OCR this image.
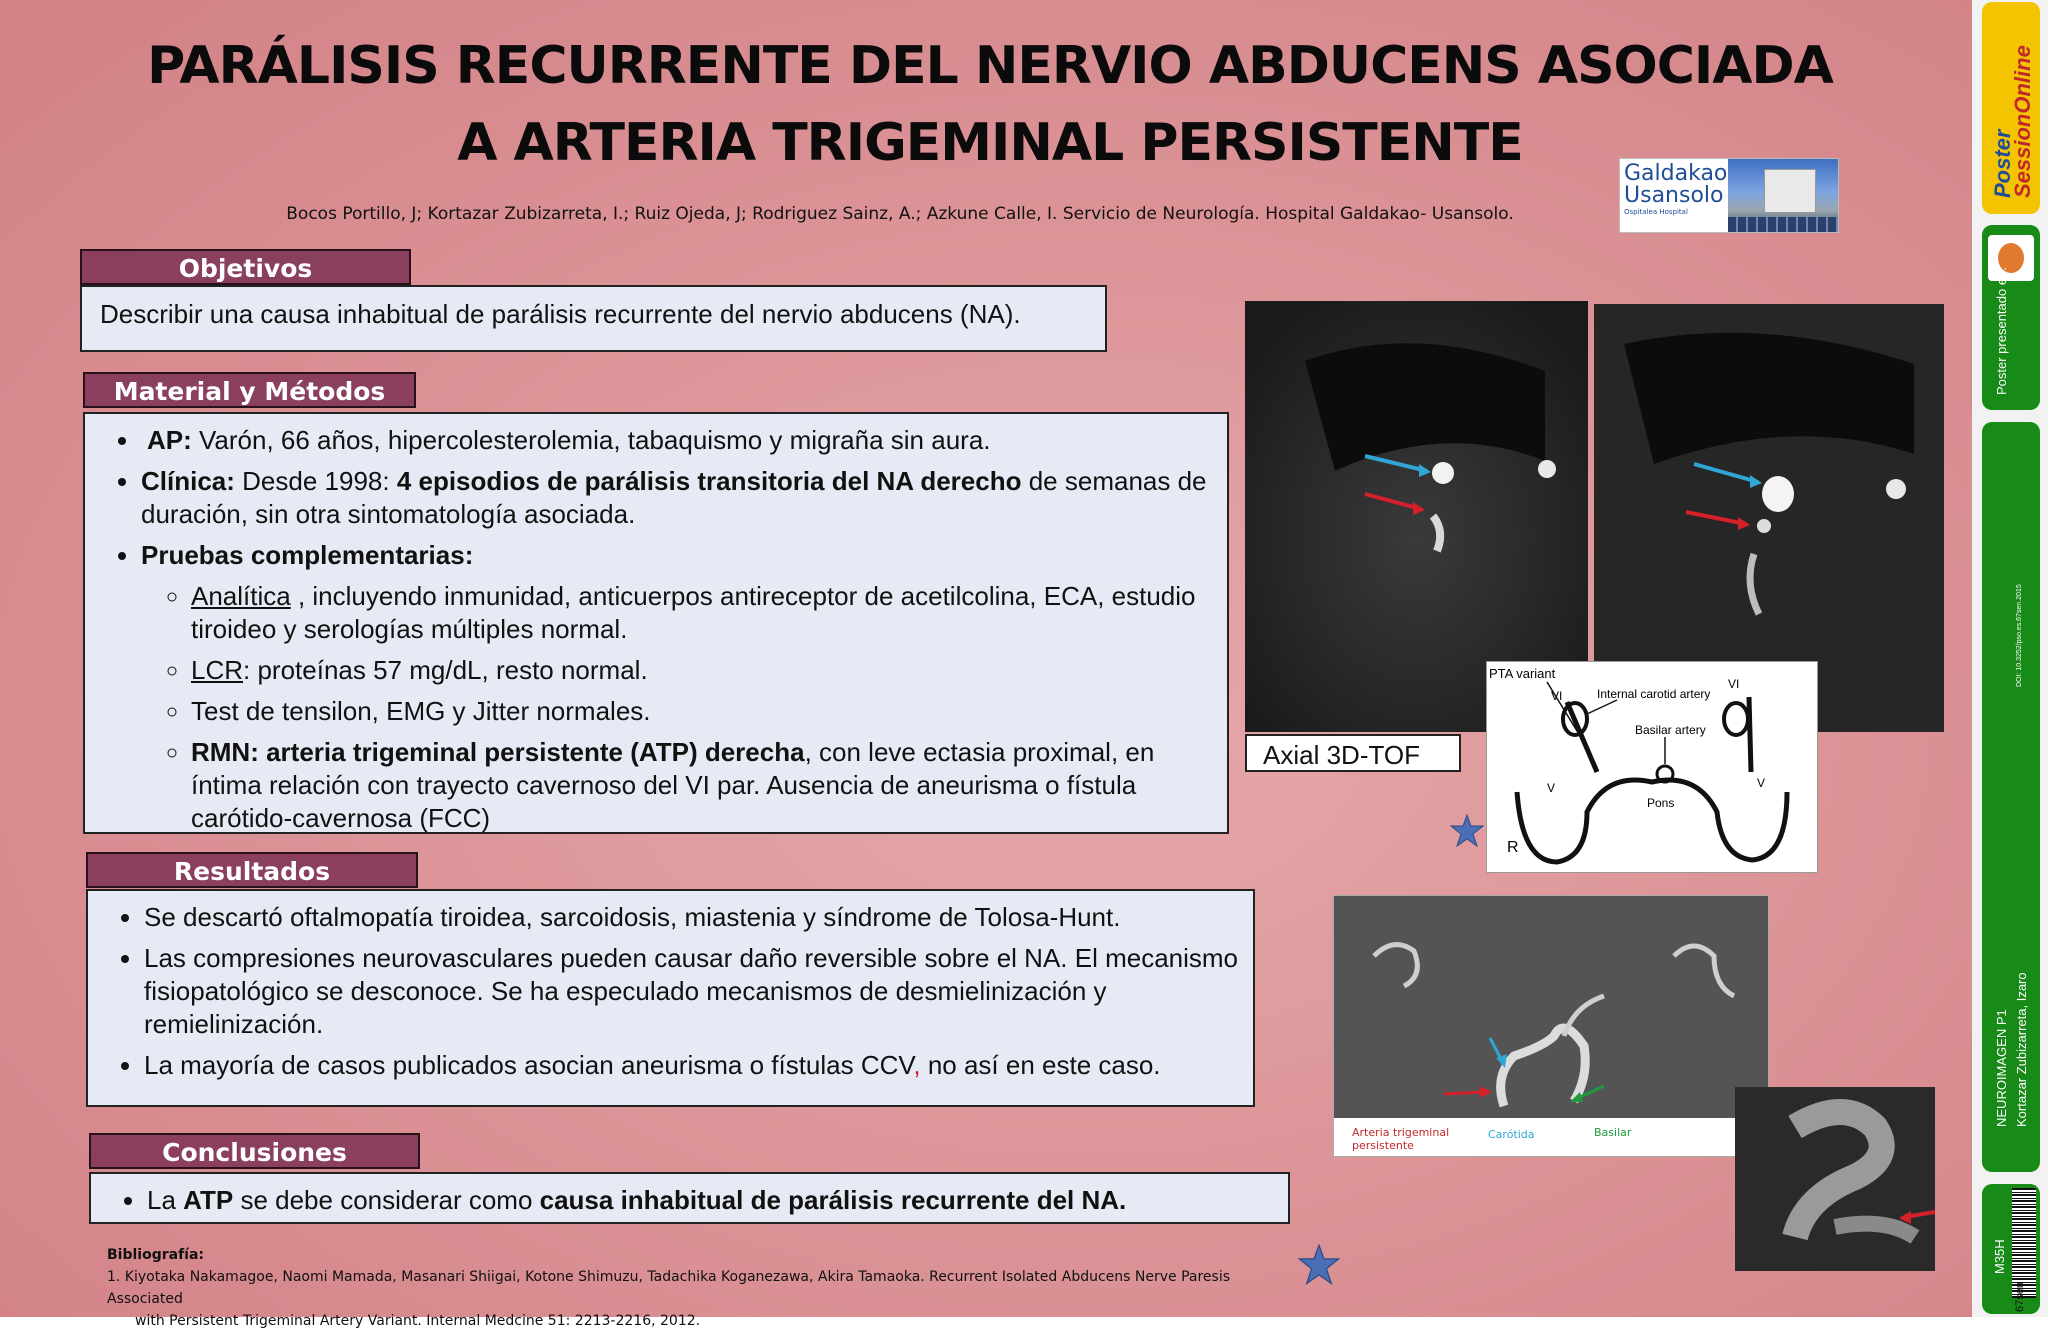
PARÁLISIS RECURRENTE DEL NERVIO ABDUCENS ASOCIADA
A ARTERIA TRIGEMINAL PERSISTENTE
Bocos Portillo, J; Kortazar Zubizarreta, I.; Ruiz Ojeda, J; Rodriguez Sainz, A.; Azkune Calle, I. Servicio de Neurología. Hospital Galdakao- Usansolo.
Galdakao
Usansolo
Ospitalea Hospital
Objetivos
Describir una causa inhabitual de parálisis recurrente del nervio abducens (NA).
Material y Métodos
• AP: Varón, 66 años, hipercolesterolemia, tabaquismo y migraña sin aura.
• Clínica: Desde 1998: 4 episodios de parálisis transitoria del NA derecho de semanas de duración, sin otra sintomatología asociada.
• Pruebas complementarias:
◦ Analítica , incluyendo inmunidad, anticuerpos antireceptor de acetilcolina, ECA, estudio tiroideo y serologías múltiples normal.
◦ LCR: proteínas 57 mg/dL, resto normal.
◦ Test de tensilon, EMG y Jitter normales.
◦ RMN: arteria trigeminal persistente (ATP) derecha, con leve ectasia proximal, en íntima relación con trayecto cavernoso del VI par. Ausencia de aneurisma o fístula carótido-cavernosa (FCC)
Resultados
• Se descartó oftalmopatía tiroidea, sarcoidosis, miastenia y síndrome de Tolosa-Hunt.
• Las compresiones neurovasculares pueden causar daño reversible sobre el NA. El mecanismo fisiopatológico se desconoce. Se ha especulado mecanismos de desmielinización y remielinización.
• La mayoría de casos publicados asocian aneurisma o fístulas CCV, no así en este caso.
Conclusiones
• La ATP se debe considerar como causa inhabitual de parálisis recurrente del NA.
Bibliografía:
1. Kiyotaka Nakamagoe, Naomi Mamada, Masanari Shiigai, Kotone Shimuzu, Tadachika Koganezawa, Akira Tamaoka. Recurrent Isolated Abducens Nerve Paresis Associated
with Persistent Trigeminal Artery Variant. Internal Medcine 51: 2213-2216, 2012.
Axial 3D-TOF
PTA variant
VI
VI
Internal carotid artery
Basilar artery
Pons
V	V
R
Arteria trigeminal
persistente
Carótida	Basilar
Poster
SessionOnline
Poster presentado en:
DOI: 10.3252/pso.es.67sen.2015
NEUROIMAGEN P1 Kortazar Zubizarreta, Izaro
M35H
67sen
